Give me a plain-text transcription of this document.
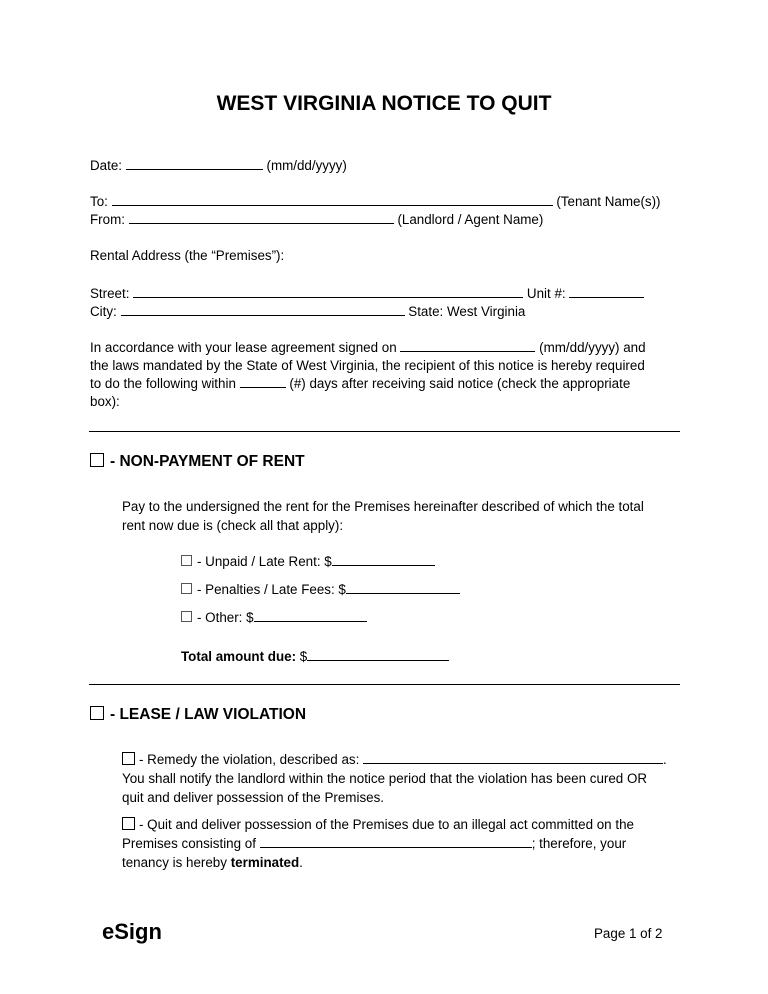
WEST VIRGINIA NOTICE TO QUIT
Date:	(mm/dd/yyyy)
To:	(Tenant Name(s))
From:	(Landlord / Agent Name)
Rental Address (the “Premises”):
Street:	Unit #:
City:	State: West Virginia
In accordance with your lease agreement signed on	(mm/dd/yyyy) and
the laws mandated by the State of West Virginia, the recipient of this notice is hereby required
to do the following within	(#) days after receiving said notice (check the appropriate
box):
- NON-PAYMENT OF RENT
Pay to the undersigned the rent for the Premises hereinafter described of which the total
rent now due is (check all that apply):
- Unpaid / Late Rent: $
- Penalties / Late Fees: $
- Other: $
Total amount due: $
- LEASE / LAW VIOLATION
- Remedy the violation, described as:	.
You shall notify the landlord within the notice period that the violation has been cured OR
quit and deliver possession of the Premises.
- Quit and deliver possession of the Premises due to an illegal act committed on the
Premises consisting of	; therefore, your
tenancy is hereby terminated.
eSign	Page 1 of 2
